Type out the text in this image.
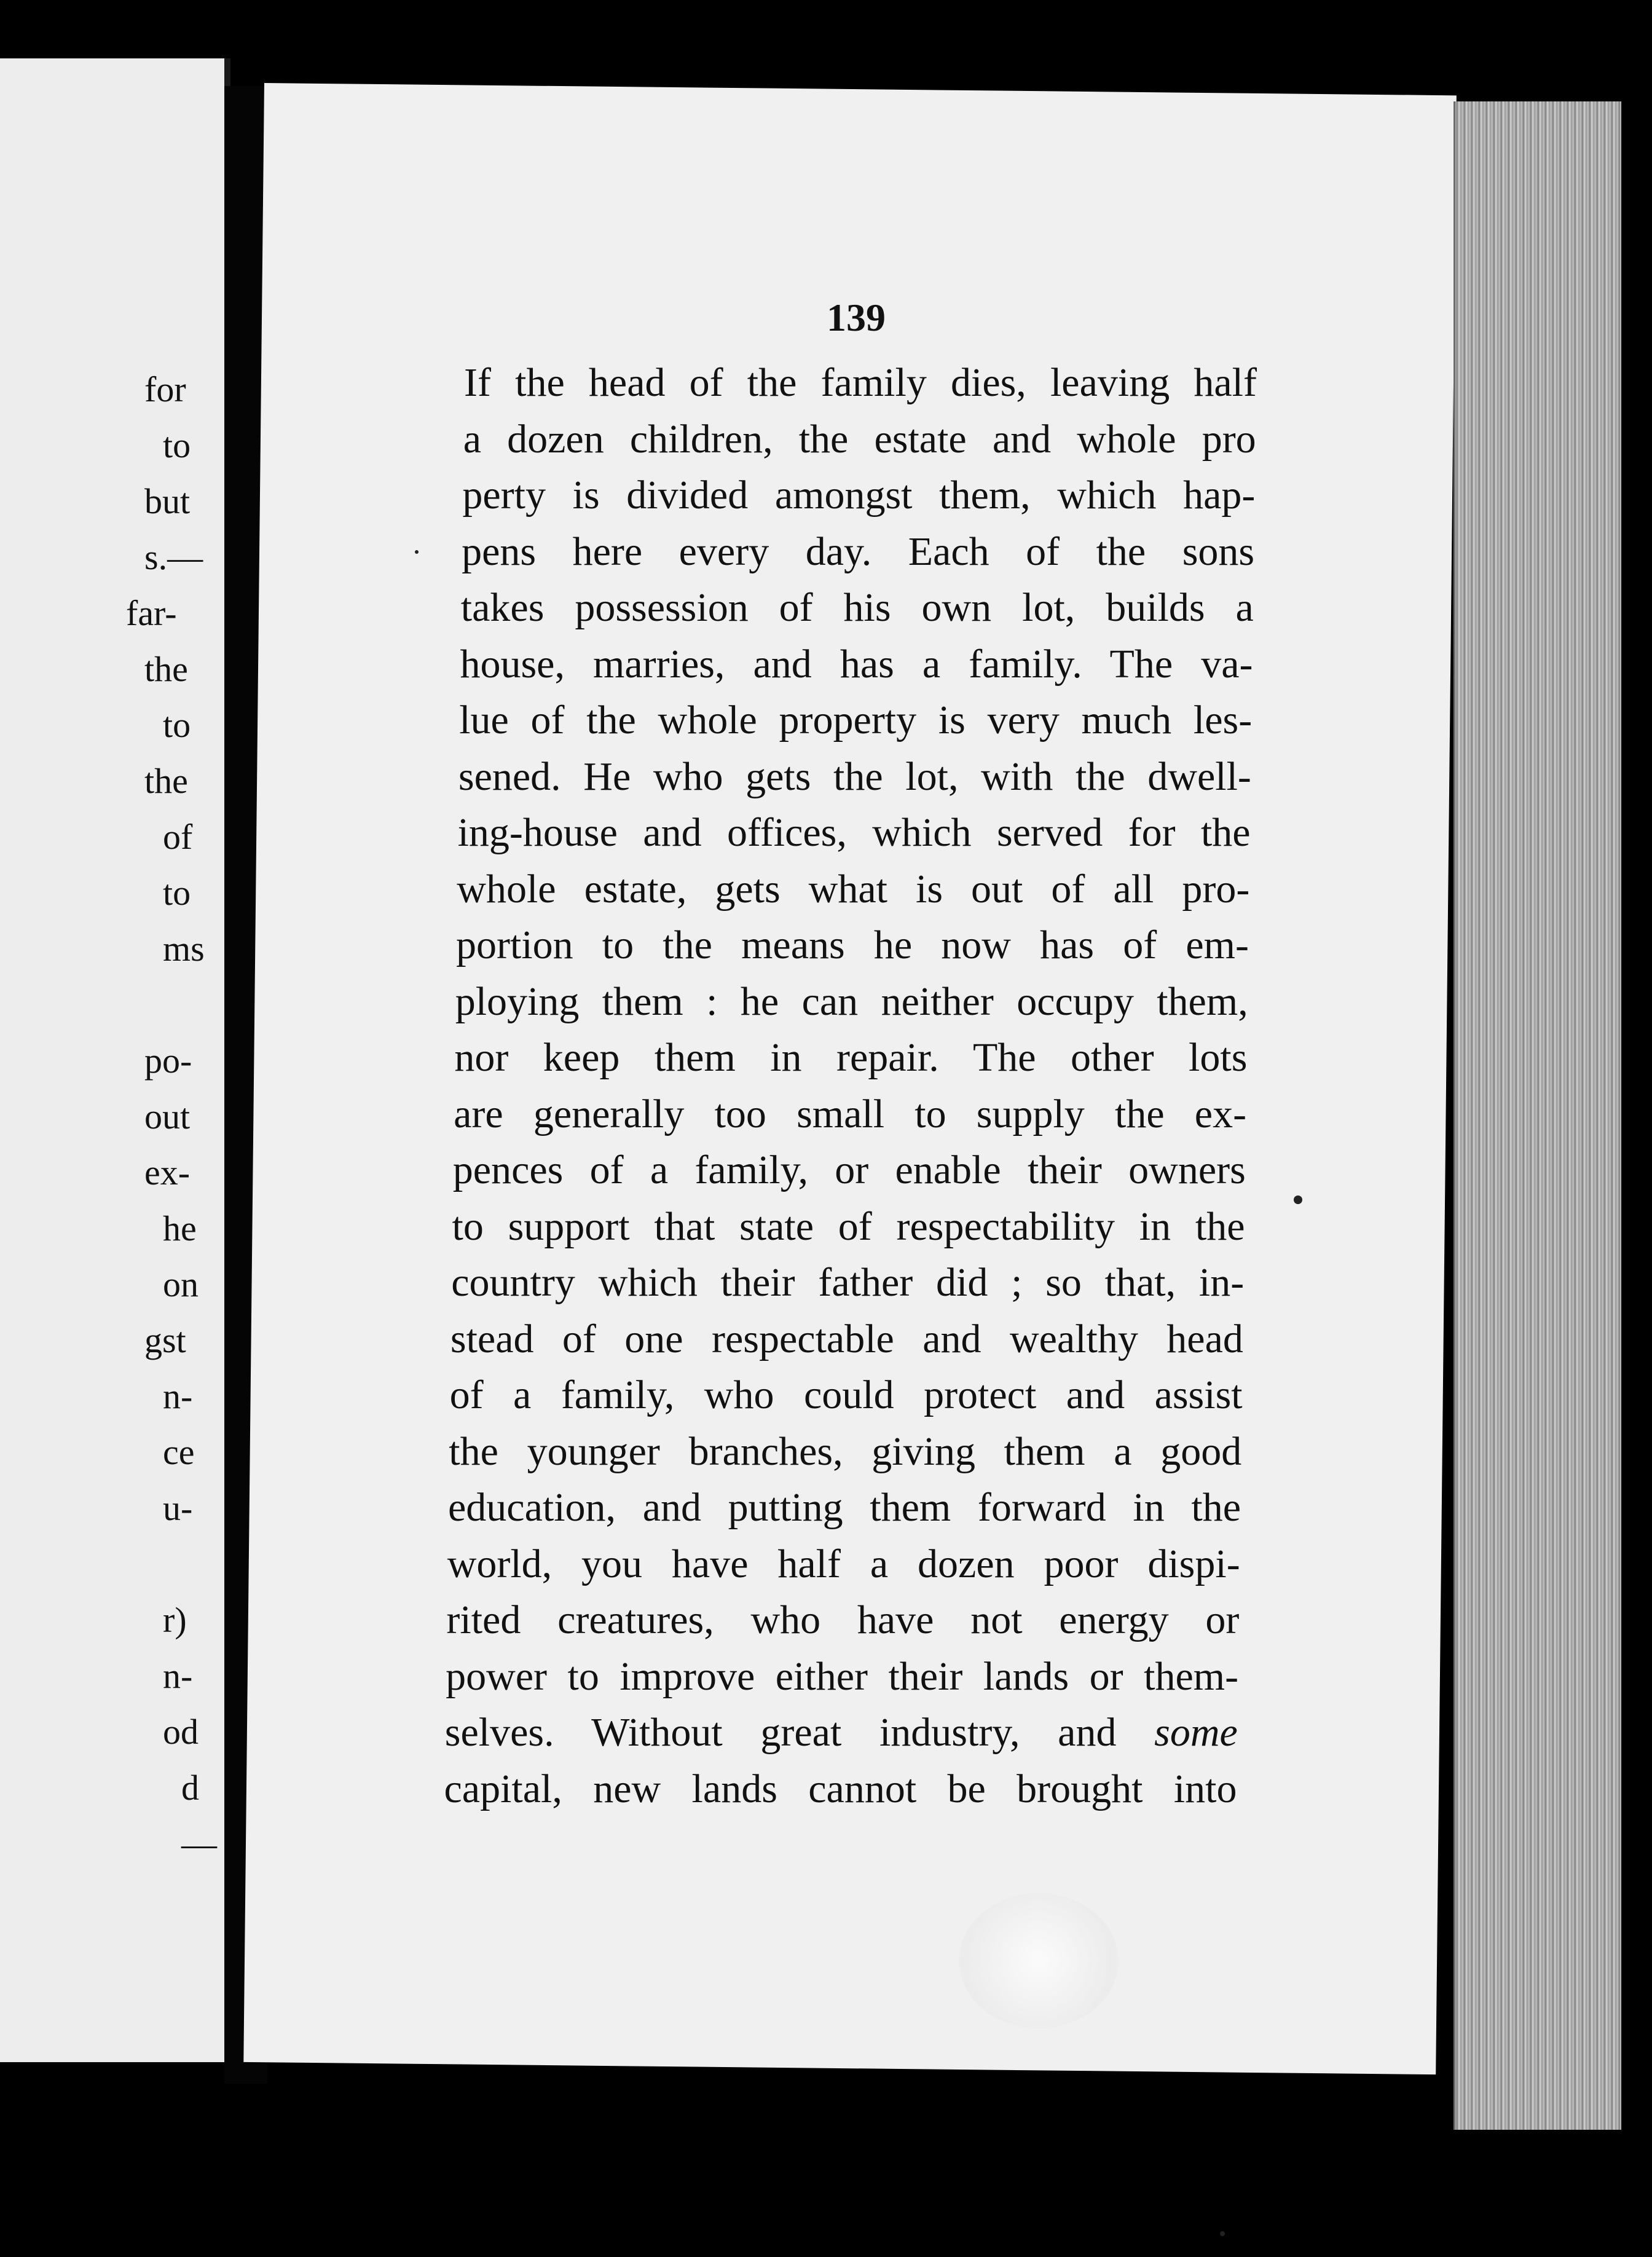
for

to

but

s.—

far-

the

to

the

of

to

ms

po-

out

ex-

he

on

gst

n-

ce

u-

r)

n-

od

d

—

139

If the head of the family dies, leaving half

a dozen children, the estate and whole pro

perty is divided amongst them, which hap-

pens here every day. Each of the sons

takes possession of his own lot, builds a

house, marries, and has a family. The va-

lue of the whole property is very much les-

sened. He who gets the lot, with the dwell-

ing-house and offices, which served for the

whole estate, gets what is out of all pro-

portion to the means he now has of em-

ploying them : he can neither occupy them,

nor keep them in repair. The other lots

are generally too small to supply the ex-

pences of a family, or enable their owners

to support that state of respectability in the

country which their father did ; so that, in-

stead of one respectable and wealthy head

of a family, who could protect and assist

the younger branches, giving them a good

education, and putting them forward in the

world, you have half a dozen poor dispi-

rited creatures, who have not energy or

power to improve either their lands or them-

selves. Without great industry, and some

capital, new lands cannot be brought into
